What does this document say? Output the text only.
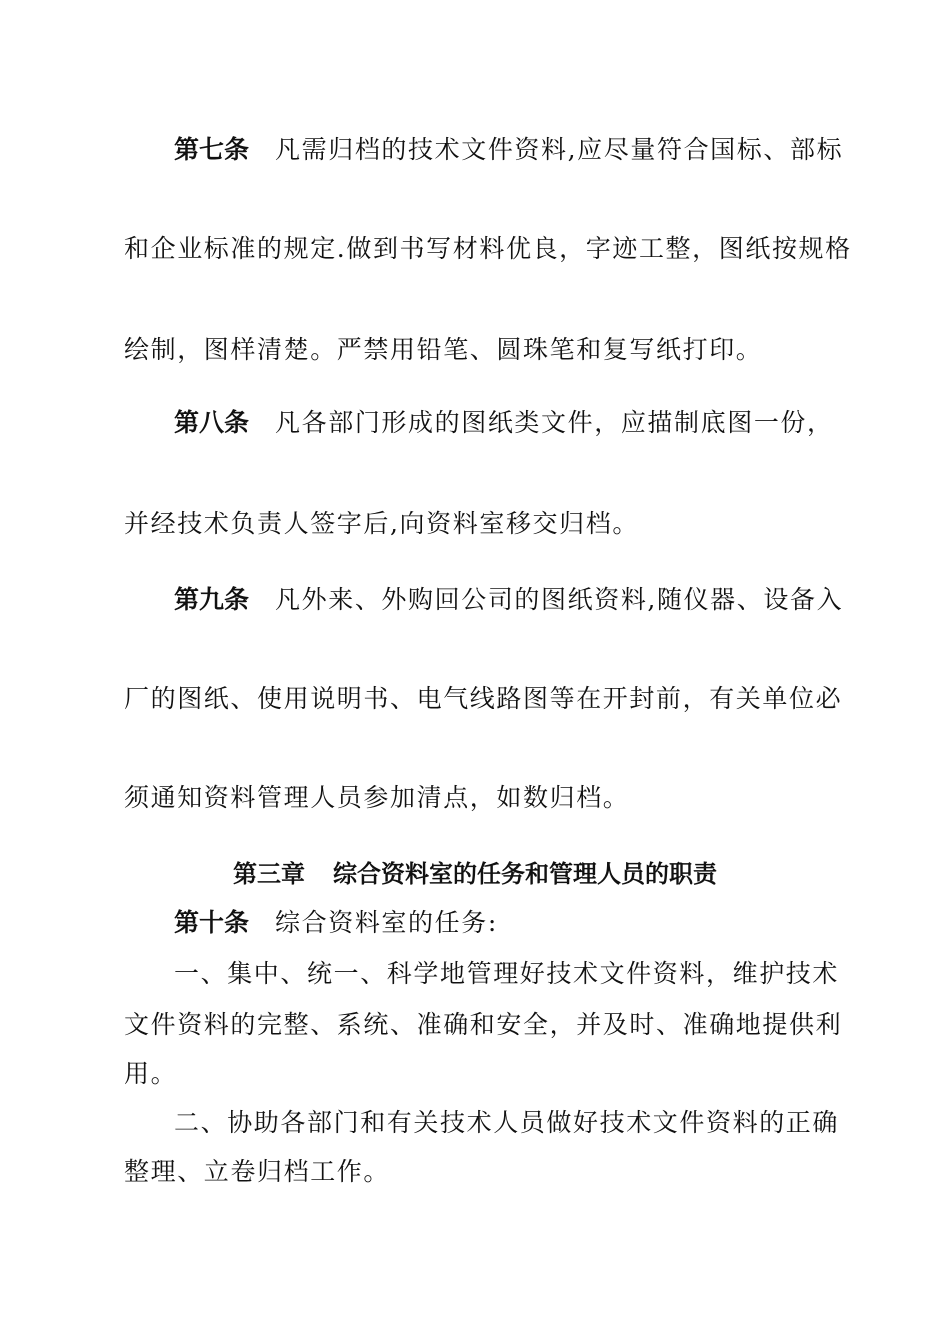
第七条 凡需归档的技术文件资料,应尽量符合国标、部标
和企业标准的规定.做到书写材料优良，字迹工整，图纸按规格
绘制，图样清楚。严禁用铅笔、圆珠笔和复写纸打印。
第八条 凡各部门形成的图纸类文件，应描制底图一份，
并经技术负责人签字后,向资料室移交归档。
第九条 凡外来、外购回公司的图纸资料,随仪器、设备入
厂的图纸、使用说明书、电气线路图等在开封前，有关单位必
须通知资料管理人员参加清点，如数归档。
第三章 综合资料室的任务和管理人员的职责
第十条 综合资料室的任务:
一、集中、统一、科学地管理好技术文件资料，维护技术
文件资料的完整、系统、准确和安全，并及时、准确地提供利
用。
二、协助各部门和有关技术人员做好技术文件资料的正确
整理、立卷归档工作。
